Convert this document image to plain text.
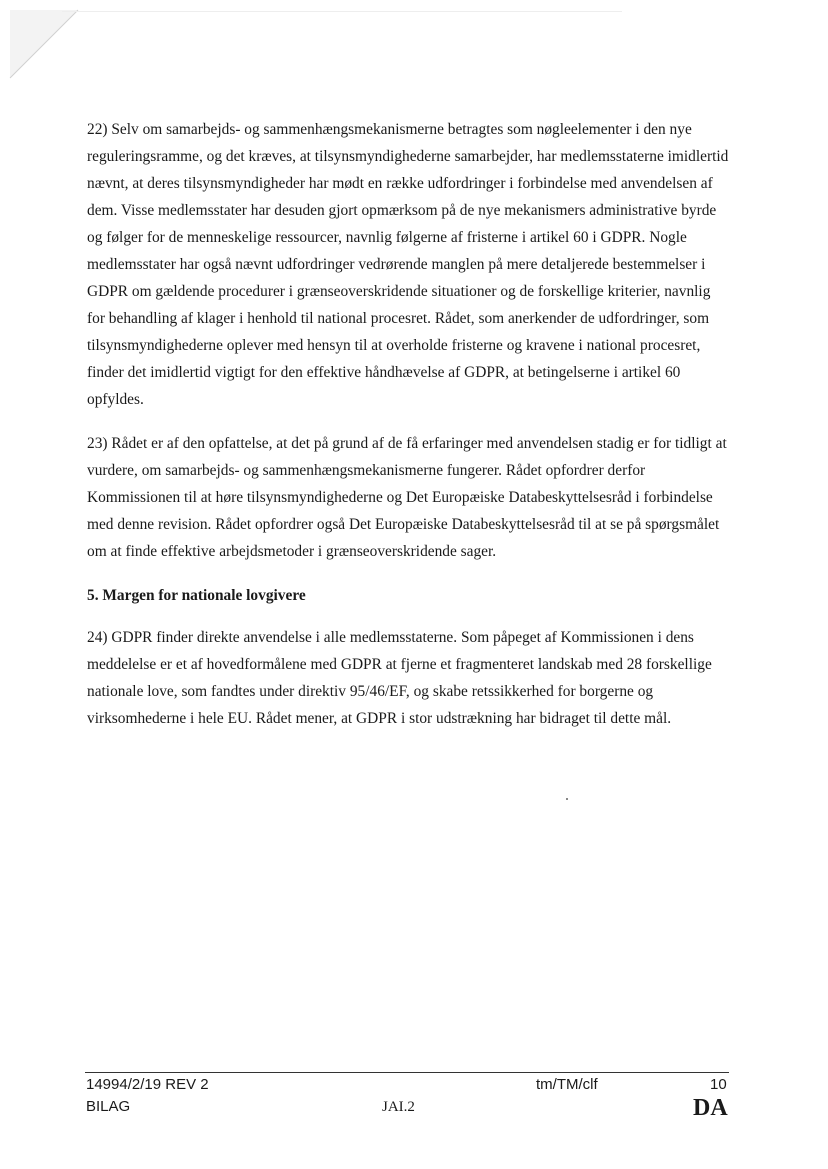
22) Selv om samarbejds- og sammenhængsmekanismerne betragtes som nøgleelementer i den nye reguleringsramme, og det kræves, at tilsynsmyndighederne samarbejder, har medlemsstaterne imidlertid nævnt, at deres tilsynsmyndigheder har mødt en række udfordringer i forbindelse med anvendelsen af dem. Visse medlemsstater har desuden gjort opmærksom på de nye mekanismers administrative byrde og følger for de menneskelige ressourcer, navnlig følgerne af fristerne i artikel 60 i GDPR. Nogle medlemsstater har også nævnt udfordringer vedrørende manglen på mere detaljerede bestemmelser i GDPR om gældende procedurer i grænseoverskridende situationer og de forskellige kriterier, navnlig for behandling af klager i henhold til national procesret. Rådet, som anerkender de udfordringer, som tilsynsmyndighederne oplever med hensyn til at overholde fristerne og kravene i national procesret, finder det imidlertid vigtigt for den effektive håndhævelse af GDPR, at betingelserne i artikel 60 opfyldes.

23) Rådet er af den opfattelse, at det på grund af de få erfaringer med anvendelsen stadig er for tidligt at vurdere, om samarbejds- og sammenhængsmekanismerne fungerer. Rådet opfordrer derfor Kommissionen til at høre tilsynsmyndighederne og Det Europæiske Databeskyttelsesråd i forbindelse med denne revision. Rådet opfordrer også Det Europæiske Databeskyttelsesråd til at se på spørgsmålet om at finde effektive arbejdsmetoder i grænseoverskridende sager.

5. Margen for nationale lovgivere

24) GDPR finder direkte anvendelse i alle medlemsstaterne. Som påpeget af Kommissionen i dens meddelelse er et af hovedformålene med GDPR at fjerne et fragmenteret landskab med 28 forskellige nationale love, som fandtes under direktiv 95/46/EF, og skabe retssikkerhed for borgerne og virksomhederne i hele EU. Rådet mener, at GDPR i stor udstrækning har bidraget til dette mål.

14994/2/19 REV 2
BILAG
tm/TM/clf	10
JAI.2	DA
